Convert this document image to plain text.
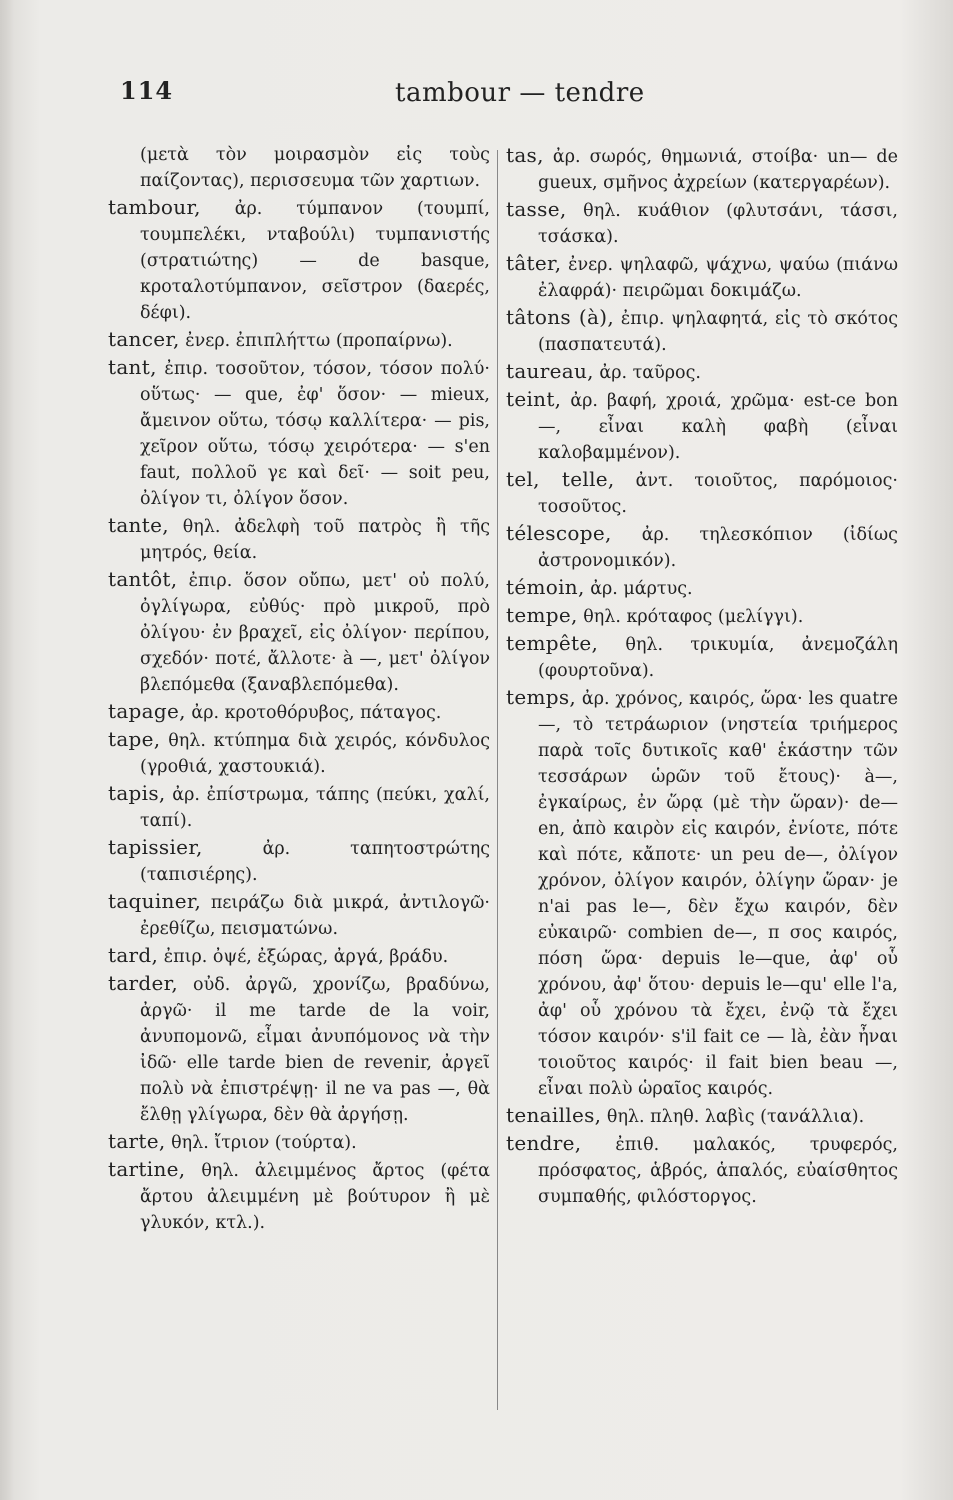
114	tambour — tendre

(μετὰ τὸν μοιρασμὸν εἰς τοὺς παίζοντας), περισσευμα τῶν χαρτιων.

tambour, ἀρ. τύμπανον (τουμπί, τουμπελέκι, νταβούλι) τυμπανιστής (στρατιώτης) — de basque, κροταλοτύμπανον, σεῖστρον (δαερές, δέφι).

tancer, ἐνερ. ἐπιπλήττω (προπαίρνω).

tant, ἐπιρ. τοσοῦτον, τόσον, τόσον πολύ· οὕτως· — que, ἐφ' ὅσον· — mieux, ἄμεινον οὕτω, τόσῳ καλλίτερα· — pis, χεῖρον οὕτω, τόσῳ χειρότερα· — s'en faut, πολλοῦ γε καὶ δεῖ· — soit peu, ὀλίγον τι, ὀλίγον ὅσον.

tante, θηλ. ἀδελφὴ τοῦ πατρὸς ἢ τῆς μητρός, θεία.

tantôt, ἐπιρ. ὅσον οὔπω, μετ' οὐ πολύ, ὀγλίγωρα, εὐθύς· πρὸ μικροῦ, πρὸ ὀλίγου· ἐν βραχεῖ, εἰς ὀλίγον· περίπου, σχεδόν· ποτέ, ἄλλοτε· à —, μετ' ὀλίγον βλεπόμεθα (ξαναβλεπόμεθα).

tapage, ἀρ. κροτοθόρυβος, πάταγος.

tape, θηλ. κτύπημα διὰ χειρός, κόνδυλος (γροθιά, χαστουκιά).

tapis, ἀρ. ἐπίστρωμα, τάπης (πεύκι, χαλί, ταπί).

tapissier,	ἀρ. ταπητοστρώτης (ταπισιέρης).

taquiner, πειράζω διὰ μικρά, ἀντιλογῶ· ἐρεθίζω, πεισματώνω.

tard, ἐπιρ. ὀψέ, ἐξώρας, ἀργά, βράδυ.

tarder, οὐδ. ἀργῶ, χρονίζω, βραδύνω, ἀργῶ· il me tarde de la voir, ἀνυπομονῶ, εἶμαι ἀνυπόμονος νὰ τὴν ἰδῶ· elle tarde bien de revenir, ἀργεῖ πολὺ νὰ ἐπιστρέψῃ· il ne va pas —, θὰ ἔλθῃ γλίγωρα, δὲν θὰ ἀργήσῃ.

tarte, θηλ. ἴτριον (τούρτα).

tartine, θηλ. ἀλειμμένος ἄρτος (φέτα ἄρτου ἀλειμμένη μὲ βούτυρον ἢ μὲ γλυκόν, κτλ.).

tas, ἀρ. σωρός, θημωνιά, στοίβα· un— de gueux, σμῆνος ἀχρείων (κατεργαρέων).

tasse, θηλ. κυάθιον (φλυτσάνι, τάσσι, τσάσκα).

tâter, ἐνερ. ψηλαφῶ, ψάχνω, ψαύω (πιάνω ἐλαφρά)· πειρῶμαι δοκιμάζω.

tâtons (à), ἐπιρ. ψηλαφητά, εἰς τὸ σκότος (πασπατευτά).

taureau, ἀρ. ταῦρος.

teint, ἀρ. βαφή, χροιά, χρῶμα· est-ce bon —, εἶναι καλὴ φαβὴ (εἶναι καλοβαμμένον).

tel, telle, ἀντ. τοιοῦτος, παρόμοιος· τοσοῦτος.

télescope, ἀρ. τηλεσκόπιον (ἰδίως ἀστρονομικόν).

témoin, ἀρ. μάρτυς.

tempe, θηλ. κρόταφος (μελίγγι).

tempête, θηλ. τρικυμία, ἀνεμοζάλη (φουρτοῦνα).

temps, ἀρ. χρόνος, καιρός, ὥρα· les quatre—, τὸ τετράωριον (νηστεία τριήμερος παρὰ τοῖς δυτικοῖς καθ' ἑκάστην τῶν τεσσάρων ὡρῶν τοῦ ἔτους)· à—, ἐγκαίρως, ἐν ὥρᾳ (μὲ τὴν ὥραν)· de—en, ἀπὸ καιρὸν εἰς καιρόν, ἐνίοτε, πότε καὶ πότε, κἄποτε· un peu de—, ὀλίγον χρόνον, ὀλίγον καιρόν, ὀλίγην ὥραν· je n'ai pas le—, δὲν ἔχω καιρόν, δὲν εὐκαιρῶ· combien de—, π σος καιρός, πόση ὥρα· depuis le—que, ἀφ' οὗ χρόνου, ἀφ' ὅτου· depuis le—qu' elle l'a, ἀφ' οὗ χρόνου τὰ ἔχει, ἐνῷ τὰ ἔχει τόσον καιρόν· s'il fait ce — là, ἐὰν ἦναι τοιοῦτος καιρός· il fait bien beau —, εἶναι πολὺ ὡραῖος καιρός.

tenailles, θηλ. πληθ. λαβὶς (τανάλλια).

tendre, ἐπιθ. μαλακός, τρυφερός, πρόσφατος, ἁβρός, ἁπαλός, εὐαίσθητος συμπαθής, φιλόστοργος.
